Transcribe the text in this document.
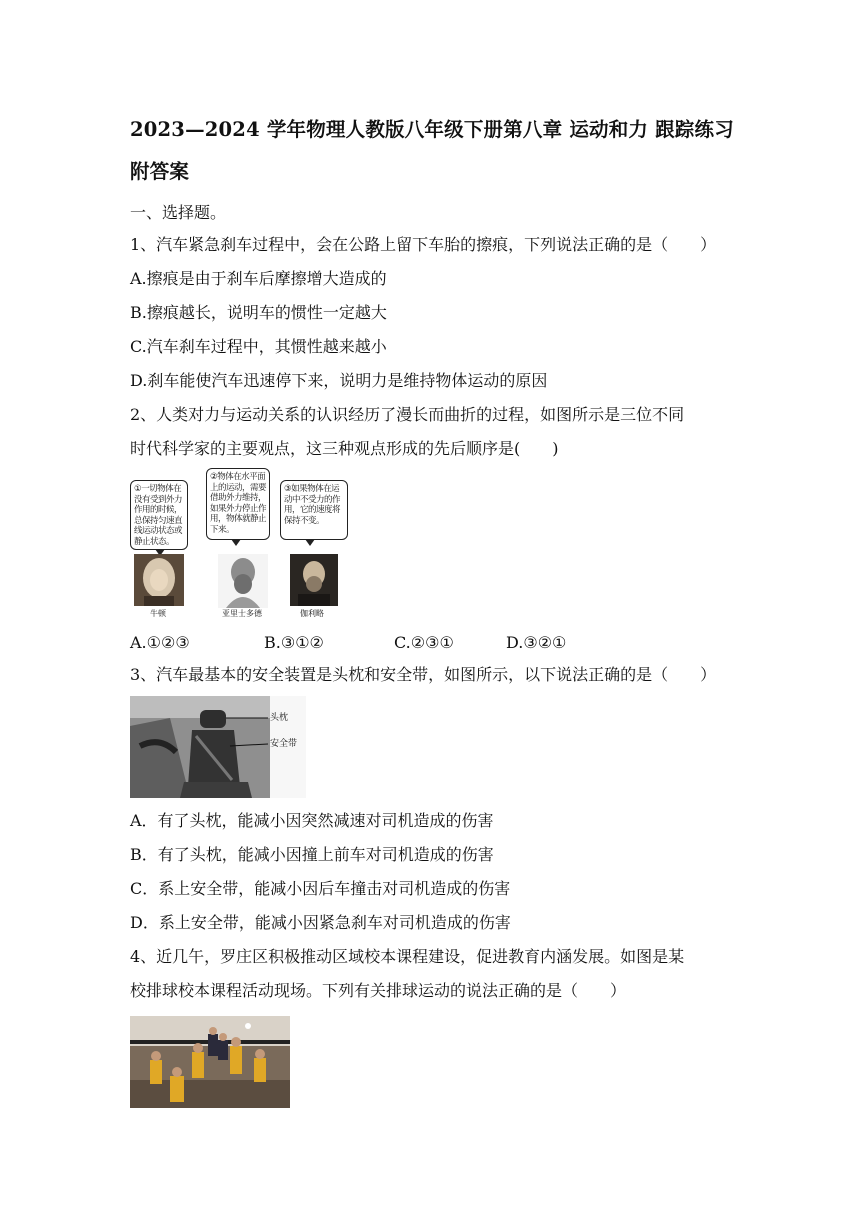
2023—2024 学年物理人教版八年级下册第八章 运动和力 跟踪练习
附答案
一、选择题。
1、汽车紧急刹车过程中，会在公路上留下车胎的擦痕，下列说法正确的是（　　）
A.擦痕是由于刹车后摩擦增大造成的
B.擦痕越长，说明车的惯性一定越大
C.汽车刹车过程中，其惯性越来越小
D.刹车能使汽车迅速停下来，说明力是维持物体运动的原因
2、人类对力与运动关系的认识经历了漫长而曲折的过程，如图所示是三位不同
时代科学家的主要观点，这三种观点形成的先后顺序是(　　)
①一切物体在没有受到外力作用的时候，总保持匀速直线运动状态或静止状态。
②物体在水平面上的运动，需要借助外力维持，如果外力停止作用，物体就静止下来。
③如果物体在运动中不受力的作用，它的速度将保持不变。
牛顿	亚里士多德	伽利略
A.①②③	B.③①②	C.②③①	D.③②①
3、汽车最基本的安全装置是头枕和安全带，如图所示，以下说法正确的是（　　）
头枕
安全带
A．有了头枕，能减小因突然减速对司机造成的伤害
B．有了头枕，能减小因撞上前车对司机造成的伤害
C．系上安全带，能减小因后车撞击对司机造成的伤害
D．系上安全带，能减小因紧急刹车对司机造成的伤害
4、近几午，罗庄区积极推动区域校本课程建设，促进教育内涵发展。如图是某
校排球校本课程活动现场。下列有关排球运动的说法正确的是（　　）
